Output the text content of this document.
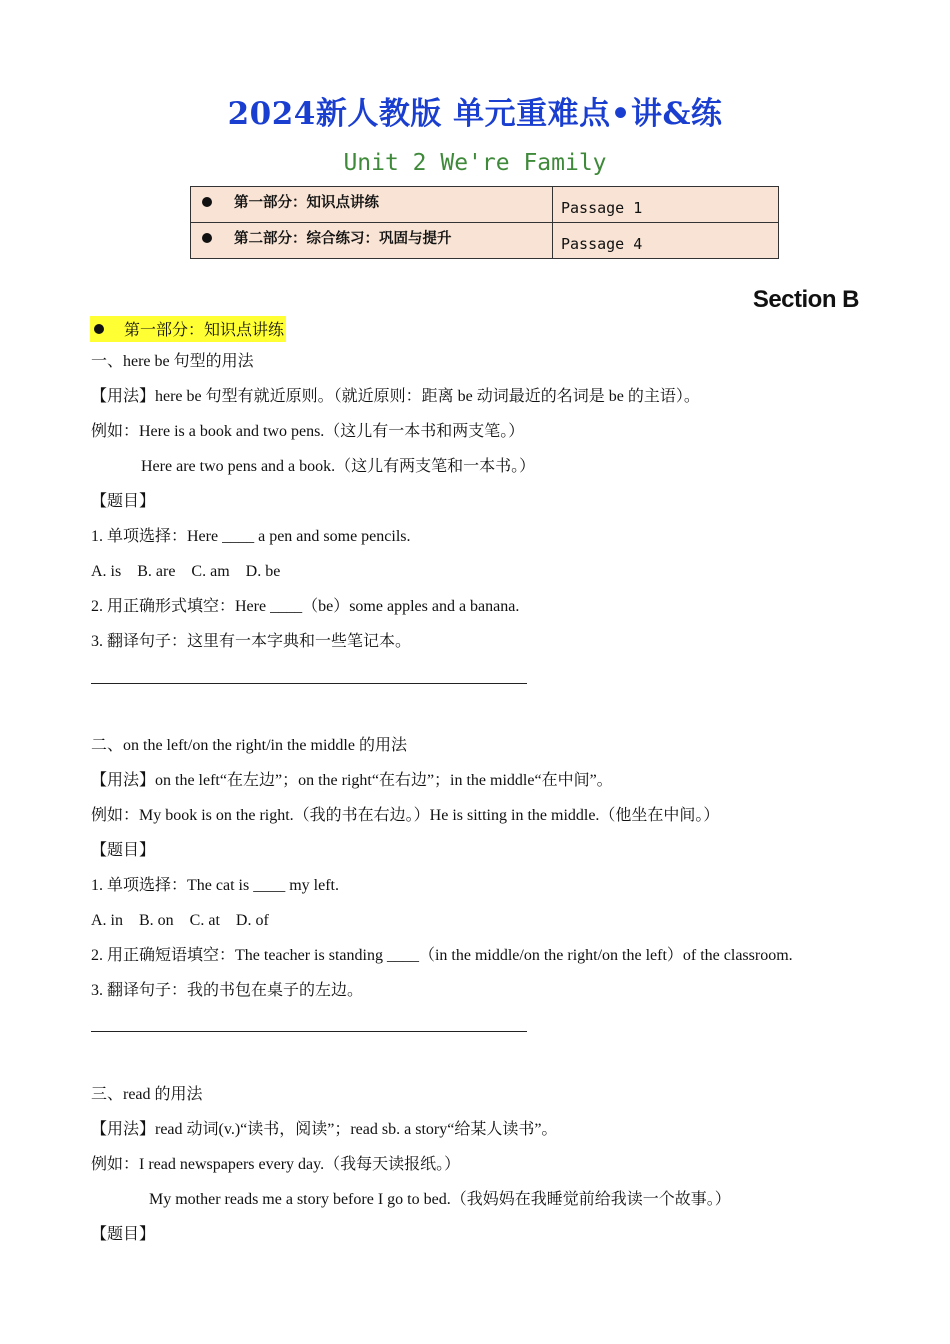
2024新人教版 单元重难点•讲&练
Unit 2 We're Family
第一部分：知识点讲练	Passage 1

第二部分：综合练习：巩固与提升	Passage 4
Section B
第一部分：知识点讲练
一、here be 句型的用法
【用法】here be 句型有就近原则。（就近原则：距离 be 动词最近的名词是 be 的主语）。
例如：Here is a book and two pens.（这儿有一本书和两支笔。）
Here are two pens and a book.（这儿有两支笔和一本书。）
【题目】
1. 单项选择：Here ____ a pen and some pencils.
A. is    B. are    C. am    D. be
2. 用正确形式填空：Here ____（be）some apples and a banana.
3. 翻译句子：这里有一本字典和一些笔记本。
二、on the left/on the right/in the middle 的用法
【用法】on the left“在左边”；on the right“在右边”；in the middle“在中间”。
例如：My book is on the right.（我的书在右边。）He is sitting in the middle.（他坐在中间。）
【题目】
1. 单项选择：The cat is ____ my left.
A. in    B. on    C. at    D. of
2. 用正确短语填空：The teacher is standing ____（in the middle/on the right/on the left）of the classroom.
3. 翻译句子：我的书包在桌子的左边。
三、read 的用法
【用法】read 动词(v.)“读书，阅读”；read sb. a story“给某人读书”。
例如：I read newspapers every day.（我每天读报纸。）
My mother reads me a story before I go to bed.（我妈妈在我睡觉前给我读一个故事。）
【题目】
